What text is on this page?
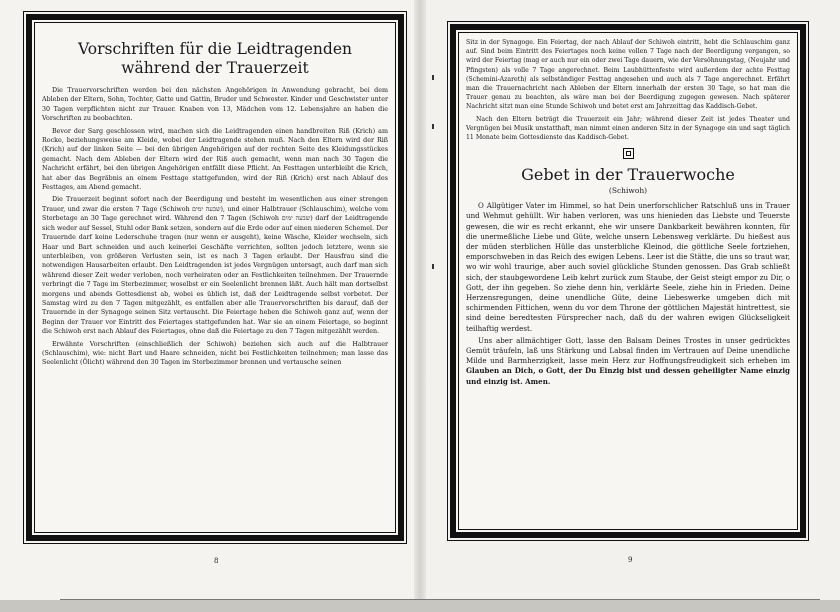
Vorschriften für die Leidtragenden
während der Trauerzeit

Die Trauervorschriften werden bei den nächsten Angehörigen in Anwendung gebracht, bei dem Ableben der Eltern, Sohn, Tochter, Gatte und Gattin, Bruder und Schwester. Kinder und Geschwister unter 30 Tagen verpflichten nicht zur Trauer. Knaben von 13, Mädchen vom 12. Lebensjahre an haben die Vorschriften zu beobachten.

Bevor der Sarg geschlossen wird, machen sich die Leidtragenden einen handbreiten Riß (Krich) am Rocke, beziehungsweise am Kleide, wobei der Leidtragende stehen muß. Nach den Eltern wird der Riß (Krich) auf der linken Seite — bei den übrigen Angehörigen auf der rechten Seite des Kleidungsstückes gemacht. Nach dem Ableben der Eltern wird der Riß auch gemacht, wenn man nach 30 Tagen die Nachricht erfährt, bei den übrigen Angehörigen entfällt diese Pflicht. An Festtagen unterbleibt die Krich, hat aber das Begräbnis an einem Festtage stattgefunden, wird der Riß (Krich) erst nach Ablauf des Festtages, am Abend gemacht.

Die Trauerzeit beginnt sofort nach der Beerdigung und besteht im wesentlichen aus einer strengen Trauer, und zwar die ersten 7 Tage (Schiwoh שבעה ימים), und einer Halbtrauer (Schlauschim), welche vom Sterbetage an 30 Tage gerechnet wird. Während den 7 Tagen (Schiwoh שבעה ימים) darf der Leidtragende sich weder auf Sessel, Stuhl oder Bank setzen, sondern auf die Erde oder auf einen niederen Schemel. Der Trauernde darf keine Lederschuhe tragen (nur wenn er ausgeht), keine Wäsche, Kleider wechseln, sich Haar und Bart schneiden und auch keinerlei Geschäfte verrichten, sollten jedoch letztere, wenn sie unterbleiben, von größeren Verlusten sein, ist es nach 3 Tagen erlaubt. Der Hausfrau sind die notwendigen Hausarbeiten erlaubt. Den Leidtragenden ist jedes Vergnügen untersagt, auch darf man sich während dieser Zeit weder verloben, noch verheiraten oder an Festlichkeiten teilnehmen. Der Trauernde verbringt die 7 Tage im Sterbezimmer, woselbst er ein Seelenlicht brennen läßt. Auch hält man dortselbst morgens und abends Gottesdienst ab, wobei es üblich ist, daß der Leidtragende selbst vorbetet. Der Samstag wird zu den 7 Tagen mitgezählt, es entfallen aber alle Trauervorschriften bis darauf, daß der Trauernde in der Synagoge seinen Sitz vertauscht. Die Feiertage heben die Schiwoh ganz auf, wenn der Beginn der Trauer vor Eintritt des Feiertages stattgefunden hat. War sie an einem Feiertage, so beginnt die Schiwoh erst nach Ablauf des Feiertages, ohne daß die Feiertage zu den 7 Tagen mitgezählt werden.

Erwähnte Vorschriften (einschließlich der Schiwoh) beziehen sich auch auf die Halbtrauer (Schlauschim), wie: nicht Bart und Haare schneiden, nicht bei Festlichkeiten teilnehmen; man lasse das Seelenlicht (Ölicht) während den 30 Tagen im Sterbezimmer brennen und vertausche seinen

Sitz in der Synagoge. Ein Feiertag, der nach Ablauf der Schiwoh eintritt, hebt die Schlauschim ganz auf. Sind beim Eintritt des Feiertages noch keine vollen 7 Tage nach der Beerdigung vergangen, so wird der Feiertag (mag er auch nur ein oder zwei Tage dauern, wie der Versöhnungstag, (Neujahr und Pfingsten) als volle 7 Tage angerechnet. Beim Laubhüttenfeste wird außerdem der achte Festtag (Schemini-Azareth) als selbständiger Festtag angesehen und auch als 7 Tage angerechnet. Erfährt man die Trauernachricht nach Ableben der Eltern innerhalb der ersten 30 Tage, so hat man die Trauer genau zu beachten, als wäre man bei der Beerdigung zugegen gewesen. Nach späterer Nachricht sitzt man eine Stunde Schiwoh und betet erst am Jahrzeittag das Kaddisch-Gebet.

Nach den Eltern beträgt die Trauerzeit ein Jahr; während dieser Zeit ist jedes Theater und Vergnügen bei Musik unstatthaft, man nimmt einen anderen Sitz in der Synagoge ein und sagt täglich 11 Monate beim Gottesdienste das Kaddisch-Gebet.

Gebet in der Trauerwoche
(Schiwoh)

O Allgütiger Vater im Himmel, so hat Dein unerforschlicher Ratschluß uns in Trauer und Wehmut gehüllt. Wir haben verloren, was uns hienieden das Liebste und Teuerste gewesen, die wir es recht erkannt, ehe wir unsere Dankbarkeit bewähren konnten, für die unermeßliche Liebe und Güte, welche unsern Lebensweg verklärte. Du hießest aus der müden sterblichen Hülle das unsterbliche Kleinod, die göttliche Seele fortziehen, emporschweben in das Reich des ewigen Lebens. Leer ist die Stätte, die uns so traut war, wo wir wohl traurige, aber auch soviel glückliche Stunden genossen. Das Grab schließt sich, der staubgewordene Leib kehrt zurück zum Staube, der Geist steigt empor zu Dir, o Gott, der ihn gegeben. So ziehe denn hin, verklärte Seele, ziehe hin in Frieden. Deine Herzensregungen, deine unendliche Güte, deine Liebeswerke umgeben dich mit schirmenden Fittichen, wenn du vor dem Throne der göttlichen Majestät hintrettest, sie sind deine beredtesten Fürsprecher nach, daß du der wahren ewigen Glückseligkeit teilhaftig werdest.

Uns aber allmächtiger Gott, lasse den Balsam Deines Trostes in unser gedrücktes Gemüt träufeln, laß uns Stärkung und Labsal finden im Vertrauen auf Deine unendliche Milde und Barmherzigkeit, lasse mein Herz zur Hoffnungsfreudigkeit sich erheben im Glauben an Dich, o Gott, der Du Einzig bist und dessen geheiligter Name einzig und einzig ist. Amen.

8	9
